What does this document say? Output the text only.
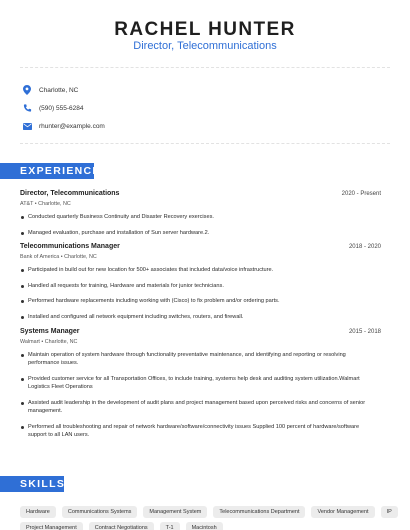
RACHEL HUNTER
Director, Telecommunications
Charlotte, NC
(590) 555-6284
rhunter@example.com
EXPERIENCE
Director, Telecommunications	2020 - Present
AT&T • Charlotte, NC
Conducted quarterly Business Continuity and Disaster Recovery exercises.
Managed evaluation, purchase and installation of Sun server hardware.2.
Telecommunications Manager	2018 - 2020
Bank of America • Charlotte, NC
Participated in build out for new location for 500+ associates that included data/voice infrastructure.
Handled all requests for training, Hardware and materials for junior technicians.
Performed hardware replacements including working with (Cisco) to fix problem and/or ordering parts.
Installed and configured all network equipment including switches, routers, and firewall.
Systems Manager	2015 - 2018
Walmart • Charlotte, NC
Maintain operation of system hardware through functionality preventative maintenance, and identifying and reporting or resolving performance issues.
Provided customer service for all Transportation Offices, to include training, systems help desk and auditing system utilization.Walmart Logistics Fleet Operations
Assisted audit leadership in the development of audit plans and project management based upon perceived risks and concerns of senior management.
Performed all troubleshooting and repair of network hardware/software/connectivity issues Supplied 100 percent of hardware/software support to all LAN users.
SKILLS
Hardware	Communications Systems	Management System	Telecommunications Department	Vendor Management	IP
Project Management	Contract Negotiations	T-1	Macintosh
